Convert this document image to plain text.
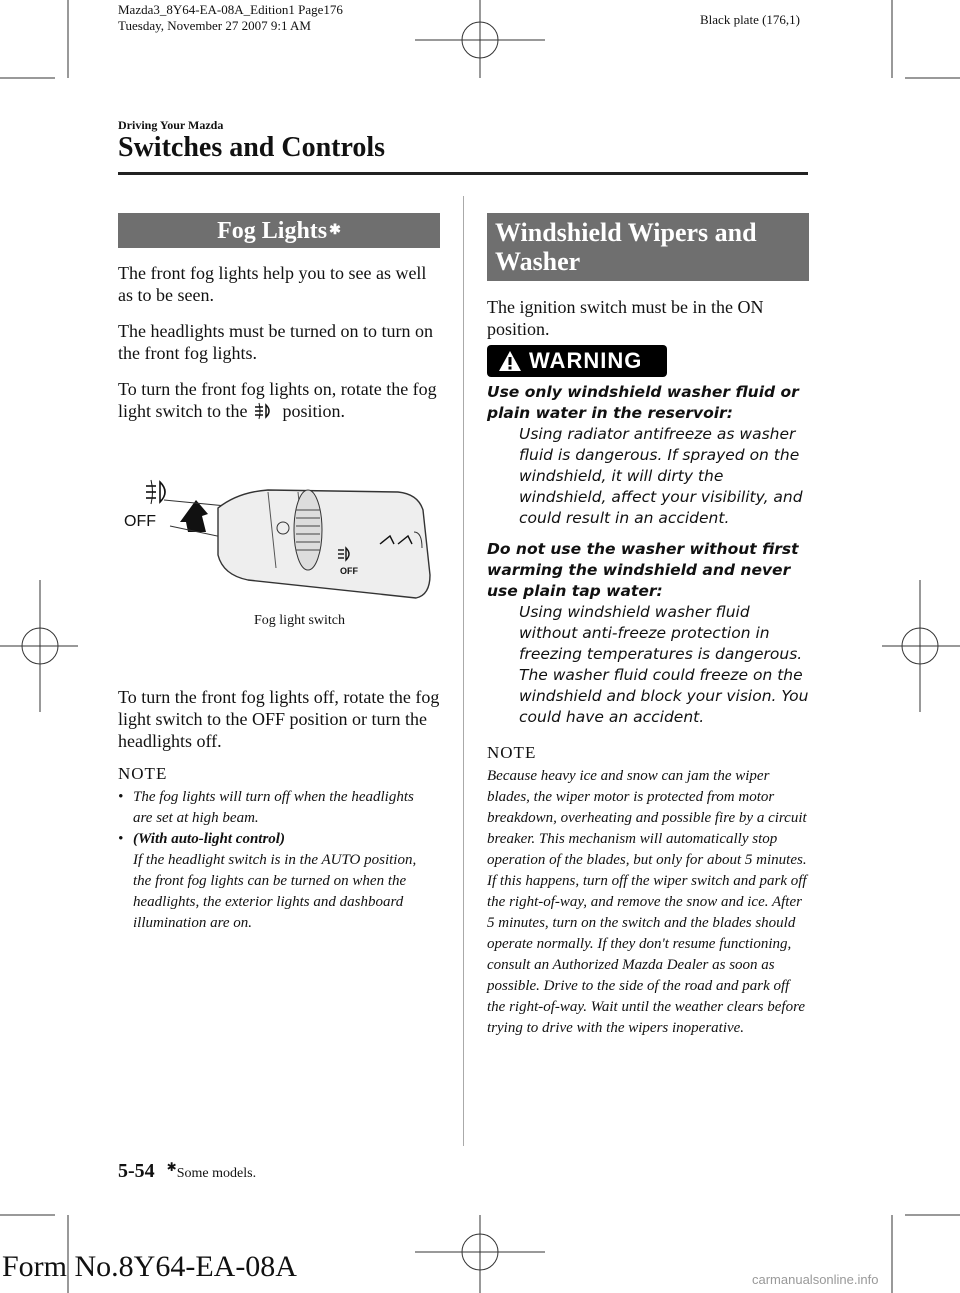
Mazda3_8Y64-EA-08A_Edition1 Page176
Tuesday, November 27 2007 9:1 AM	Black plate (176,1)
Driving Your Mazda
Switches and Controls
Fog Lights ✱
The front fog lights help you to see as well as to be seen.
The headlights must be turned on to turn on the front fog lights.
To turn the front fog lights on, rotate the fog light switch to the position.
OFF
OFF
Fog light switch
To turn the front fog lights off, rotate the fog light switch to the OFF position or turn the headlights off.
NOTE
• The fog lights will turn off when the headlights are set at high beam.
• (With auto-light control)
If the headlight switch is in the AUTO position, the front fog lights can be turned on when the headlights, the exterior lights and dashboard illumination are on.
Windshield Wipers and
Washer
The ignition switch must be in the ON position.
WARNING
Use only windshield washer fluid or plain water in the reservoir:
Using radiator antifreeze as washer fluid is dangerous. If sprayed on the windshield, it will dirty the windshield, affect your visibility, and could result in an accident.
Do not use the washer without first warming the windshield and never use plain tap water:
Using windshield washer fluid without anti-freeze protection in freezing temperatures is dangerous. The washer fluid could freeze on the windshield and block your vision. You could have an accident.
NOTE
Because heavy ice and snow can jam the wiper blades, the wiper motor is protected from motor breakdown, overheating and possible fire by a circuit breaker. This mechanism will automatically stop operation of the blades, but only for about 5 minutes. If this happens, turn off the wiper switch and park off the right-of-way, and remove the snow and ice. After 5 minutes, turn on the switch and the blades should operate normally. If they don't resume functioning, consult an Authorized Mazda Dealer as soon as possible. Drive to the side of the road and park off the right-of-way. Wait until the weather clears before trying to drive with the wipers inoperative.
5-54 ✱Some models.
Form No.8Y64-EA-08A	carmanualsonline.info
